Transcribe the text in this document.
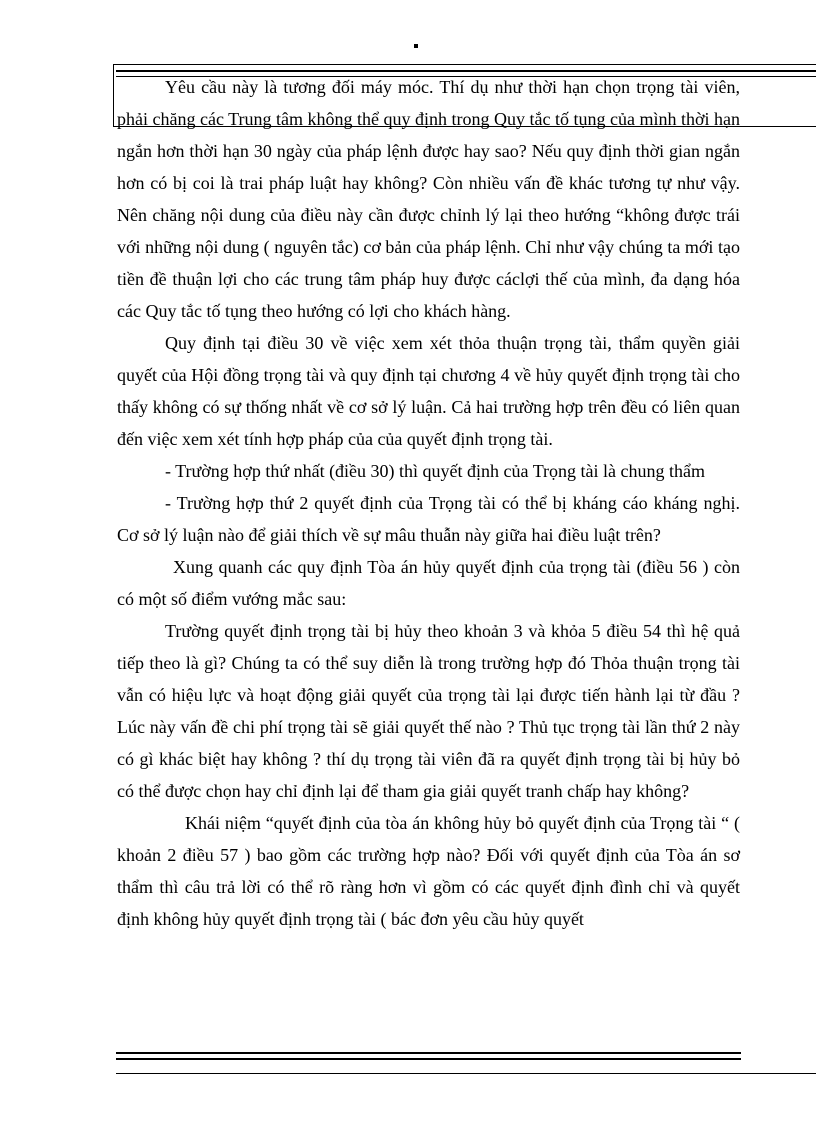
Yêu cầu này là tương đối máy móc. Thí dụ như thời hạn chọn trọng tài viên, phải chăng các Trung tâm không thể quy định trong Quy tắc tố tụng của mình thời hạn ngắn hơn thời hạn 30 ngày của pháp lệnh được hay sao? Nếu quy định thời gian ngắn hơn có bị coi là trai pháp luật hay không? Còn nhiều vấn đề khác tương tự như vậy. Nên chăng nội dung của điều này cần được chỉnh lý lại theo hướng “không được trái với những nội dung ( nguyên tắc) cơ bản của pháp lệnh. Chỉ như vậy chúng ta mới tạo tiền đề thuận lợi cho các trung tâm pháp huy được cáclợi thế của mình, đa dạng hóa các Quy tắc tố tụng theo hướng có lợi cho khách hàng.

Quy định tại điều 30 về việc xem xét thỏa thuận trọng tài, thẩm quyền giải quyết của Hội đồng trọng tài và quy định tại chương 4 về hủy quyết định trọng tài cho thấy không có sự thống nhất về cơ sở lý luận. Cả hai trường hợp trên đều có liên quan đến việc xem xét tính hợp pháp của của quyết định trọng tài.

- Trường hợp thứ nhất (điều 30) thì quyết định của Trọng tài là chung thẩm

- Trường hợp thứ 2 quyết định của Trọng tài có thể bị kháng cáo kháng nghị. Cơ sở lý luận nào để giải thích về sự mâu thuẫn này giữa hai điều luật trên?

Xung quanh các quy định Tòa án hủy quyết định của trọng tài (điều 56 ) còn có một số điểm vướng mắc sau:

Trường quyết định trọng tài bị hủy theo khoản 3 và khỏa 5 điều 54 thì hệ quả tiếp theo là gì? Chúng ta có thể suy diễn là trong trường hợp đó Thỏa thuận trọng tài vẫn có hiệu lực và hoạt động giải quyết của trọng tài lại được tiến hành lại từ đầu ? Lúc này vấn đề chi phí trọng tài sẽ giải quyết thế nào ? Thủ tục trọng tài lần thứ 2 này có gì khác biệt hay không ? thí dụ trọng tài viên đã ra quyết định trọng tài bị hủy bỏ có thể được chọn hay chỉ định lại để tham gia giải quyết tranh chấp hay không?

Khái niệm “quyết định của tòa án không hủy bỏ quyết định của Trọng tài “ ( khoản 2 điều 57 ) bao gồm các trường hợp nào? Đối với quyết định của Tòa án sơ thẩm thì câu trả lời có thể rõ ràng hơn vì gồm có các quyết định đình chỉ và quyết định không hủy quyết định trọng tài ( bác đơn yêu cầu hủy quyết
